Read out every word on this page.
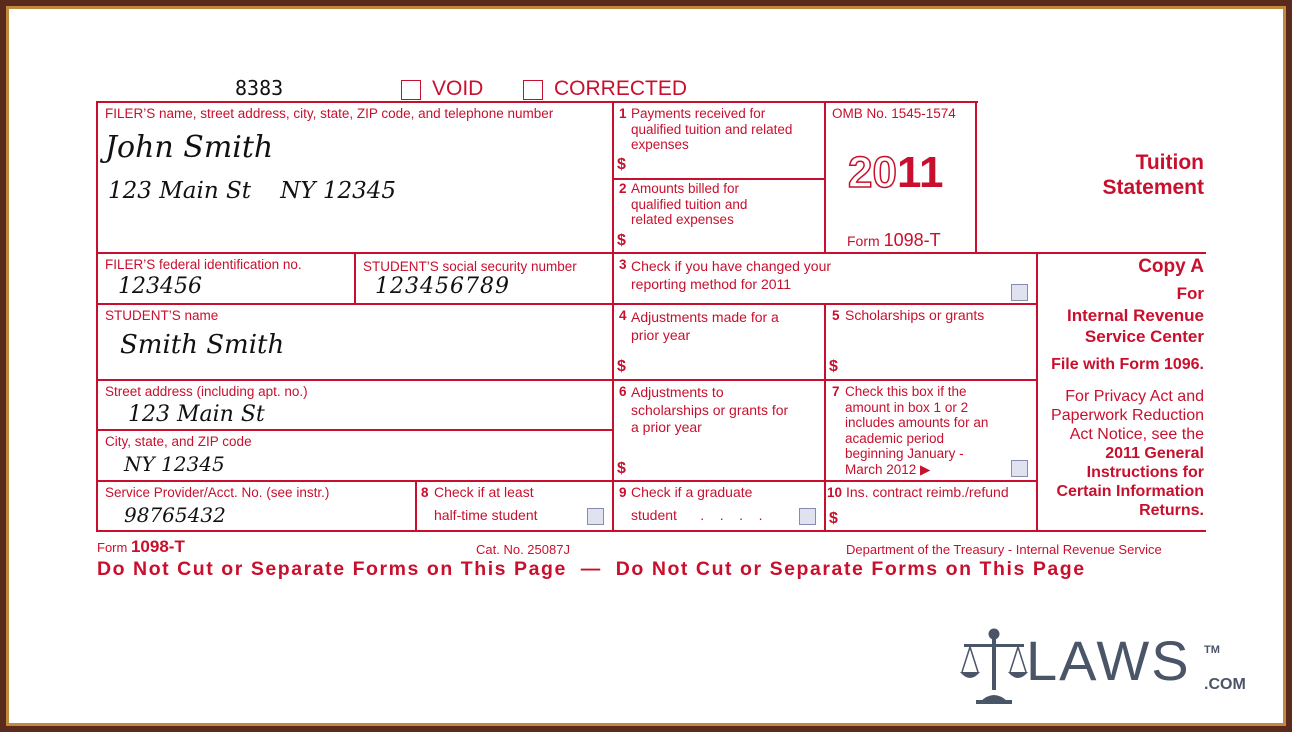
8383	VOID	CORRECTED
FILER’S name, street address, city, state, ZIP code, and telephone number
John Smith
123 Main St    NY 12345
1 Payments received for qualified tuition and related expenses
$
2 Amounts billed for qualified tuition and related expenses
$
OMB No. 1545-1574
2011
Form 1098-T
Tuition
Statement
FILER’S federal identification no.
123456
STUDENT’S social security number
123456789
3 Check if you have changed your reporting method for 2011
Copy A
For
Internal Revenue
Service Center
File with Form 1096.
For Privacy Act and
Paperwork Reduction
Act Notice, see the
2011 General
Instructions for
Certain Information
Returns.
STUDENT’S name
Smith Smith
4 Adjustments made for a prior year
$
5 Scholarships or grants
$
Street address (including apt. no.)
123 Main St
City, state, and ZIP code
NY 12345
6 Adjustments to scholarships or grants for a prior year
$
7 Check this box if the amount in box 1 or 2 includes amounts for an academic period beginning January - March 2012 ▶
Service Provider/Acct. No. (see instr.)
98765432
8 Check if at least
half-time student
9 Check if a graduate
student      .    .    .    .
10 Ins. contract reimb./refund
$
Form 1098-T	Cat. No. 25087J	Department of the Treasury - Internal Revenue Service
Do Not Cut or Separate Forms on This Page  —  Do Not Cut or Separate Forms on This Page
LAWS TM
.COM
